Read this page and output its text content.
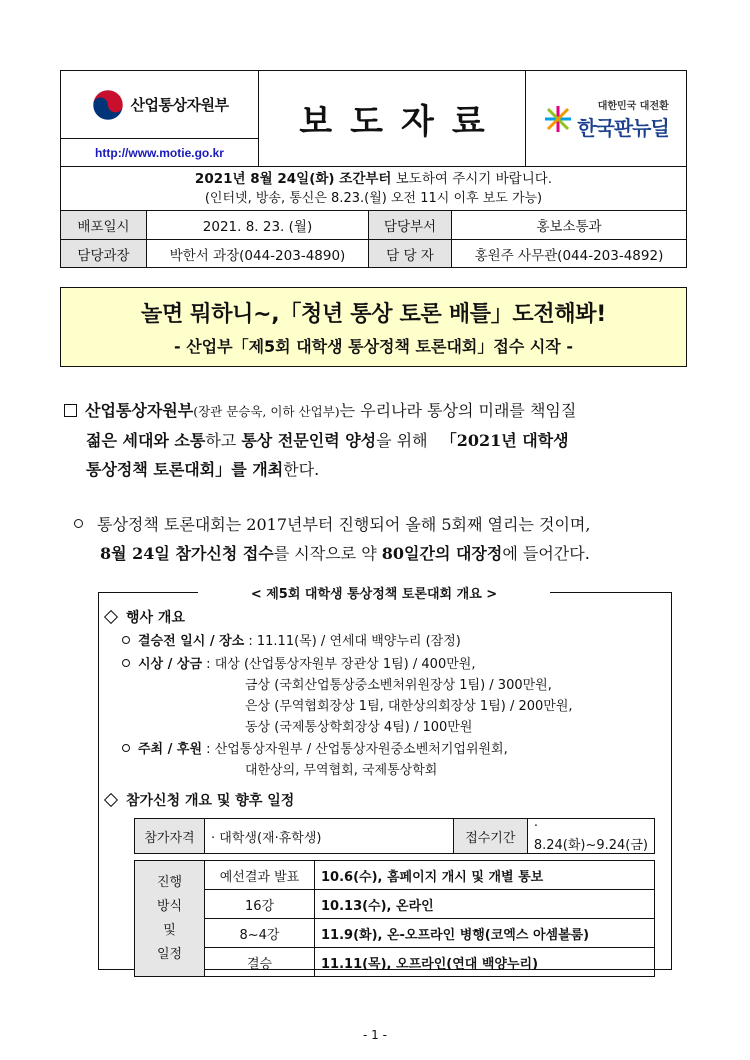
산업통상자원부
http://www.motie.go.kr
보도자료	대한민국 대전환
한국판뉴딜
2021년 8월 24일(화) 조간부터 보도하여 주시기 바랍니다.
(인터넷, 방송, 통신은 8.23.(월) 오전 11시 이후 보도 가능)
배포일시	2021. 8. 23. (월)	담당부서	홍보소통과
담당과장	박한서 과장(044-203-4890)	담 당 자	홍원주 사무관(044-203-4892)
놀면 뭐하니~,「청년 통상 토론 배틀」도전해봐!
- 산업부「제5회 대학생 통상정책 토론대회」접수 시작 -
산업통상자원부(장관 문승욱, 이하 산업부)는 우리나라 통상의 미래를 책임질
젊은 세대와 소통하고 통상 전문인력 양성을 위해 「2021년 대학생
통상정책 토론대회」를 개최한다.
통상정책 토론대회는 2017년부터 진행되어 올해 5회째 열리는 것이며,
8월 24일 참가신청 접수를 시작으로 약 80일간의 대장정에 들어간다.
< 제5회 대학생 통상정책 토론대회 개요 >
행사 개요
결승전 일시 / 장소 : 11.11(목) / 연세대 백양누리 (잠정)
시상 / 상금 : 대상 (산업통상자원부 장관상 1팀) / 400만원,
금상 (국회산업통상중소벤처위원장상 1팀) / 300만원,
은상 (무역협회장상 1팀, 대한상의회장상 1팀) / 200만원,
동상 (국제통상학회장상 4팀) / 100만원
주최 / 후원 : 산업통상자원부 / 산업통상자원중소벤처기업위원회,
대한상의, 무역협회, 국제통상학회
참가신청 개요 및 향후 일정
참가자격	· 대학생(재·휴학생)		접수기간	· 8.24(화)~9.24(금)

진행
방식
및
일정	예선결과 발표	10.6(수), 홈페이지 개시 및 개별 통보		
	16강	10.13(수), 온라인		
	8~4강	11.9(화), 온-오프라인 병행(코엑스 아셈볼룸)		
	결승	11.11(목), 오프라인(연대 백양누리)		
- 1 -
